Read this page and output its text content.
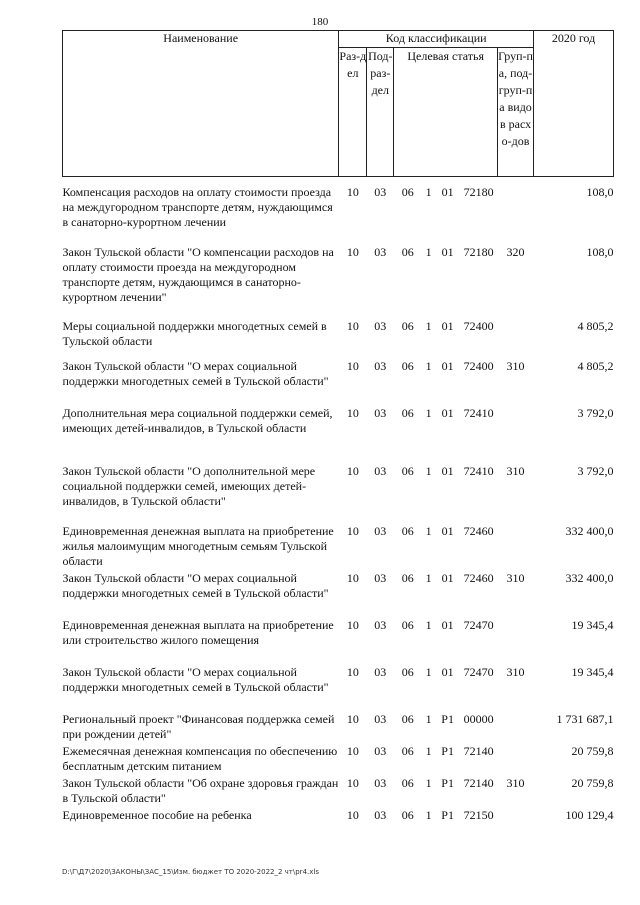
180
Наименование	Код классификации							2020 год
	Раз-дел	Под-раз-дел	Целевая статья				Груп-па, под-груп-па видов расхо-дов	

Компенсация расходов на оплату стоимости проезда на междугородном транспорте детям, нуждающимся в санаторно-курортном лечении	10	03	06	1	01	72180		108,0
Закон Тульской области "О компенсации расходов на оплату стоимости проезда на междугородном транспорте детям, нуждающимся в санаторно-курортном лечении"	10	03	06	1	01	72180	320	108,0
Меры социальной поддержки многодетных семей в Тульской области	10	03	06	1	01	72400		4 805,2
Закон Тульской области "О мерах социальной поддержки многодетных семей в Тульской области"	10	03	06	1	01	72400	310	4 805,2
Дополнительная мера социальной поддержки семей, имеющих детей-инвалидов, в Тульской области	10	03	06	1	01	72410		3 792,0
Закон Тульской области "О дополнительной мере социальной поддержки семей, имеющих детей-инвалидов, в Тульской области"	10	03	06	1	01	72410	310	3 792,0
Единовременная денежная выплата на приобретение жилья малоимущим многодетным семьям Тульской области	10	03	06	1	01	72460		332 400,0
Закон Тульской области "О мерах социальной поддержки многодетных семей в Тульской области"	10	03	06	1	01	72460	310	332 400,0
Единовременная денежная выплата на приобретение или строительство жилого помещения	10	03	06	1	01	72470		19 345,4
Закон Тульской области "О мерах социальной поддержки многодетных семей в Тульской области"	10	03	06	1	01	72470	310	19 345,4
Региональный проект "Финансовая поддержка семей при рождении детей"	10	03	06	1	P1	00000		1 731 687,1
Ежемесячная денежная компенсация по обеспечению бесплатным детским питанием	10	03	06	1	P1	72140		20 759,8
Закон Тульской области "Об охране здоровья граждан в Тульской области"	10	03	06	1	P1	72140	310	20 759,8
Единовременное пособие на ребенка	10	03	06	1	P1	72150		100 129,4
D:\Г\Д7\2020\ЗАКОНЫ\ЗАС_15\Изм. бюджет ТО 2020-2022_2 чт\pr4.xls
